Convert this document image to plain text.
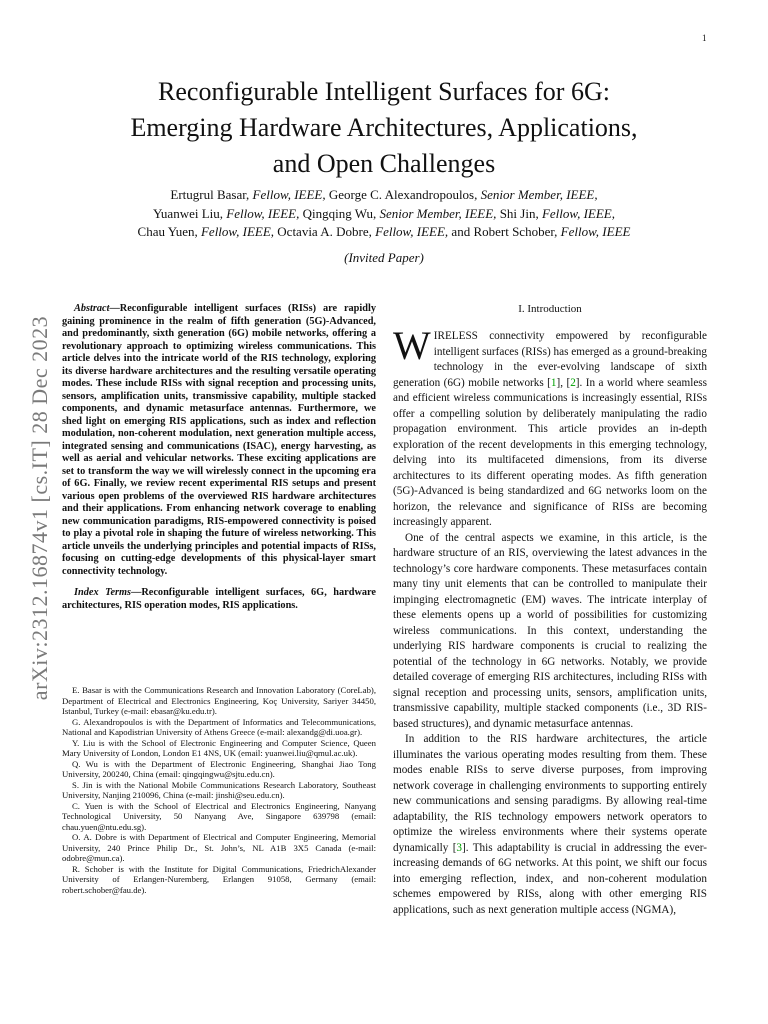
1
arXiv:2312.16874v1 [cs.IT] 28 Dec 2023
Reconfigurable Intelligent Surfaces for 6G:
Emerging Hardware Architectures, Applications,
and Open Challenges
Ertugrul Basar, Fellow, IEEE, George C. Alexandropoulos, Senior Member, IEEE,
Yuanwei Liu, Fellow, IEEE, Qingqing Wu, Senior Member, IEEE, Shi Jin, Fellow, IEEE,
Chau Yuen, Fellow, IEEE, Octavia A. Dobre, Fellow, IEEE, and Robert Schober, Fellow, IEEE
(Invited Paper)

Abstract—Reconfigurable intelligent surfaces (RISs) are rapidly gaining prominence in the realm of fifth generation (5G)-Advanced, and predominantly, sixth generation (6G) mobile networks, offering a revolutionary approach to optimizing wireless communications. This article delves into the intricate world of the RIS technology, exploring its diverse hardware architectures and the resulting versatile operating modes. These include RISs with signal reception and processing units, sensors, amplification units, transmissive capability, multiple stacked components, and dynamic metasurface antennas. Furthermore, we shed light on emerging RIS applications, such as index and reflection modulation, non-coherent modulation, next generation multiple access, integrated sensing and communications (ISAC), energy harvesting, as well as aerial and vehicular networks. These exciting applications are set to transform the way we will wirelessly connect in the upcoming era of 6G. Finally, we review recent experimental RIS setups and present various open problems of the overviewed RIS hardware architectures and their applications. From enhancing network coverage to enabling new communication paradigms, RIS-empowered connectivity is poised to play a pivotal role in shaping the future of wireless networking. This article unveils the underlying principles and potential impacts of RISs, focusing on cutting-edge developments of this physical-layer smart connectivity technology.

Index Terms—Reconfigurable intelligent surfaces, 6G, hardware architectures, RIS operation modes, RIS applications.

E. Basar is with the Communications Research and Innovation Laboratory (CoreLab), Department of Electrical and Electronics Engineering, Koç University, Sariyer 34450, Istanbul, Turkey (e-mail: ebasar@ku.edu.tr).

G. Alexandropoulos is with the Department of Informatics and Telecommunications, National and Kapodistrian University of Athens Greece (e-mail: alexandg@di.uoa.gr).

Y. Liu is with the School of Electronic Engineering and Computer Science, Queen Mary University of London, London E1 4NS, UK (email: yuanwei.liu@qmul.ac.uk).

Q. Wu is with the Department of Electronic Engineering, Shanghai Jiao Tong University, 200240, China (email: qingqingwu@sjtu.edu.cn).

S. Jin is with the National Mobile Communications Research Laboratory, Southeast University, Nanjing 210096, China (e-mail: jinshi@seu.edu.cn).

C. Yuen is with the School of Electrical and Electronics Engineering, Nanyang Technological University, 50 Nanyang Ave, Singapore 639798 (email: chau.yuen@ntu.edu.sg).

O. A. Dobre is with Department of Electrical and Computer Engineering, Memorial University, 240 Prince Philip Dr., St. John’s, NL A1B 3X5 Canada (e-mail: odobre@mun.ca).

R. Schober is with the Institute for Digital Communications, FriedrichAlexander University of Erlangen-Nuremberg, Erlangen 91058, Germany (email: robert.schober@fau.de).

I. Introduction

WIRELESS connectivity empowered by reconfigurable intelligent surfaces (RISs) has emerged as a ground-breaking technology in the ever-evolving landscape of sixth generation (6G) mobile networks [ 1 ] , [ 2 ] . In a world where seamless and efficient wireless communications is increasingly essential, RISs offer a compelling solution by deliberately manipulating the radio propagation environment. This article provides an in-depth exploration of the recent developments in this emerging technology, delving into its multifaceted dimensions, from its diverse architectures to its different operating modes. As fifth generation (5G)-Advanced is being standardized and 6G networks loom on the horizon, the relevance and significance of RISs are becoming increasingly apparent.

One of the central aspects we examine, in this article, is the hardware structure of an RIS, overviewing the latest advances in the technology’s core hardware components. These metasurfaces contain many tiny unit elements that can be controlled to manipulate their impinging electromagnetic (EM) waves. The intricate interplay of these elements opens up a world of possibilities for customizing wireless communications. In this context, understanding the underlying RIS hardware components is crucial to realizing the potential of the technology in 6G networks. Notably, we provide detailed coverage of emerging RIS architectures, including RISs with signal reception and processing units, sensors, amplification units, transmissive capability, multiple stacked components (i.e., 3D RIS-based structures), and dynamic metasurface antennas.

In addition to the RIS hardware architectures, the article illuminates the various operating modes resulting from them. These modes enable RISs to serve diverse purposes, from improving network coverage in challenging environments to supporting entirely new communications and sensing paradigms. By allowing real-time adaptability, the RIS technology empowers network operators to optimize the wireless environments where their systems operate dynamically [ 3 ] . This adaptability is crucial in addressing the ever-increasing demands of 6G networks. At this point, we shift our focus into emerging reflection, index, and non-coherent modulation schemes empowered by RISs, along with other emerging RIS applications, such as next generation multiple access (NGMA),
